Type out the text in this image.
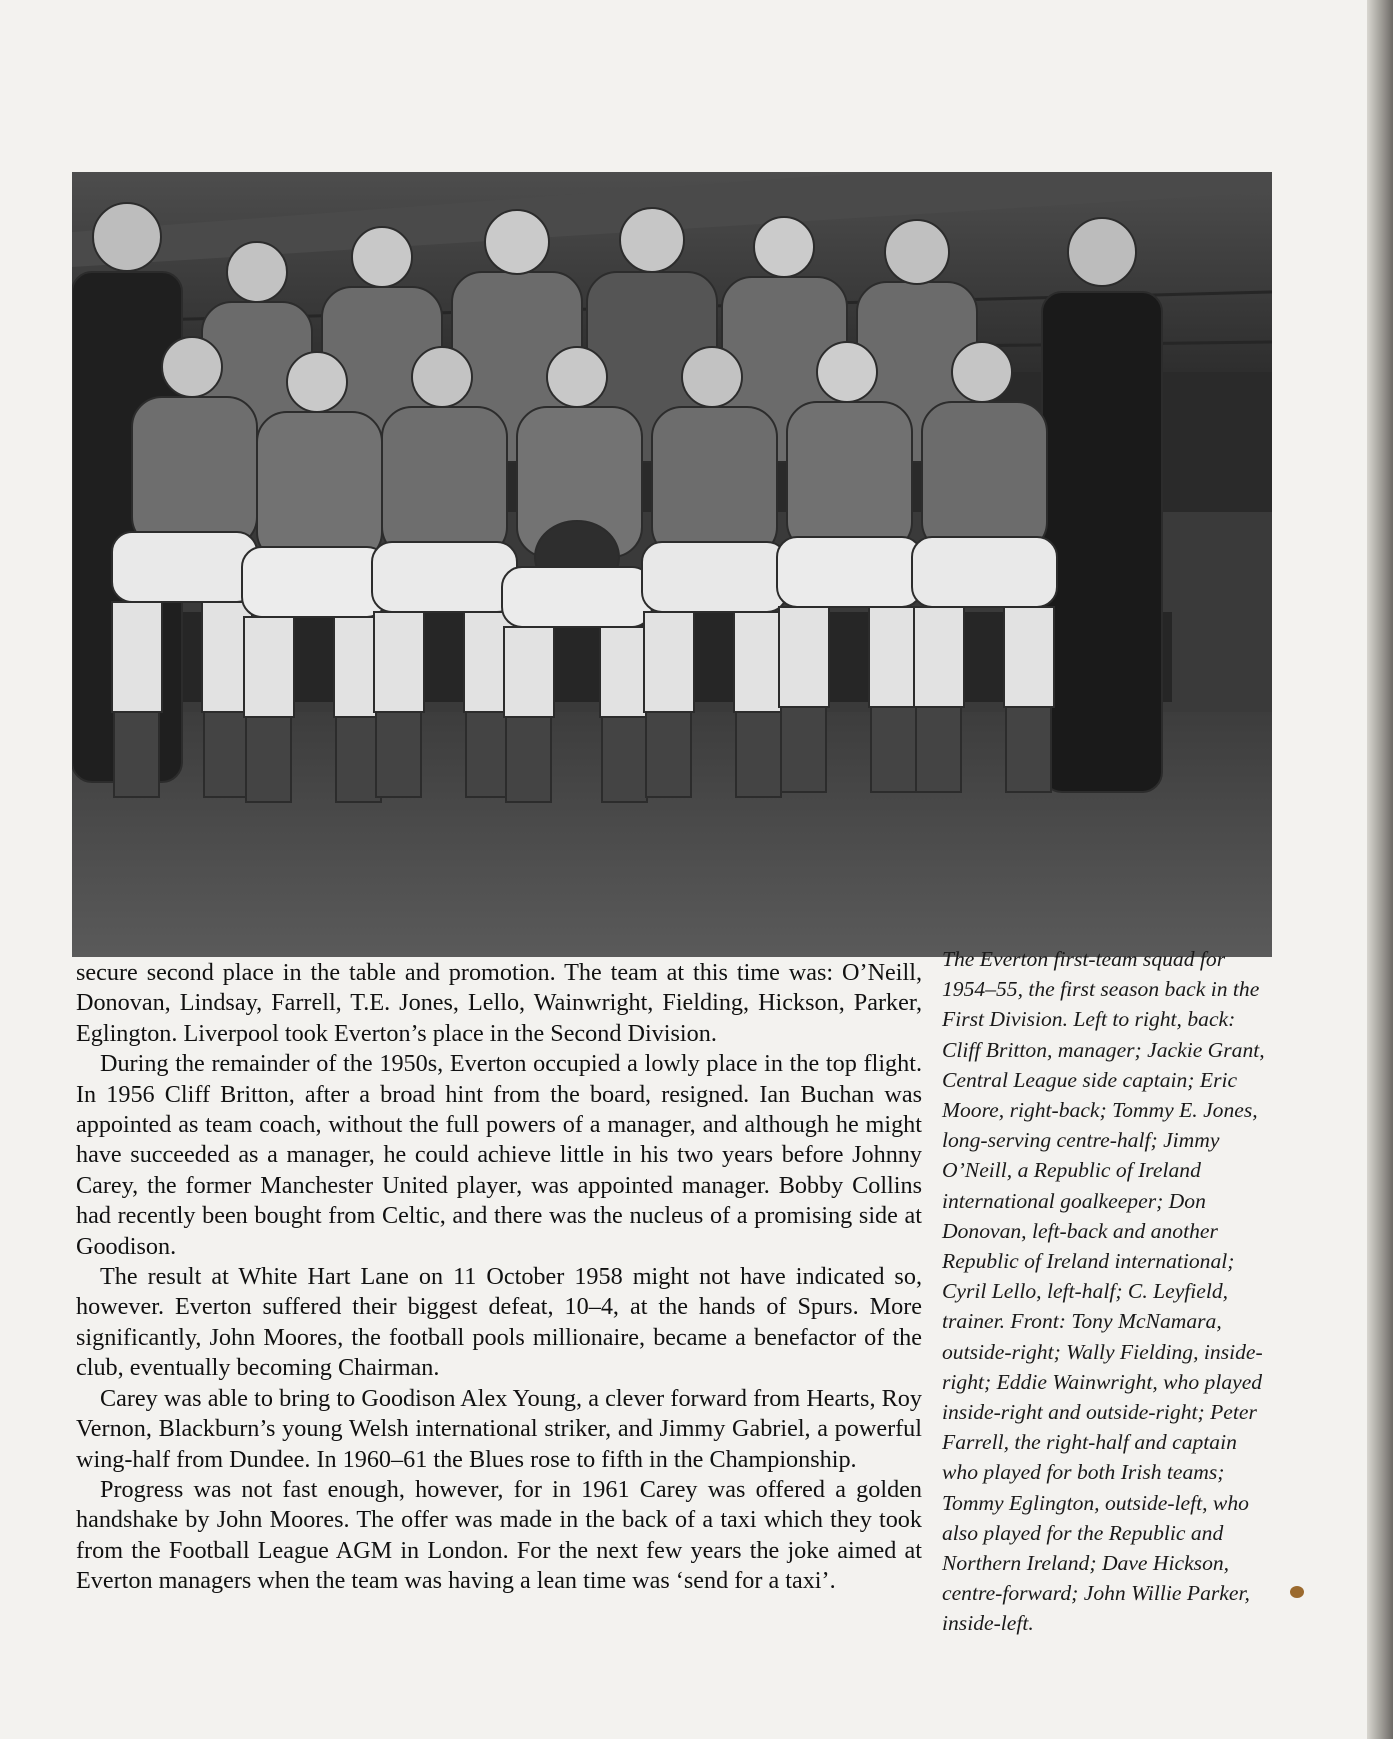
secure second place in the table and promotion. The team at this time was: O’Neill, Donovan, Lindsay, Farrell, T.E. Jones, Lello, Wainwright, Fielding, Hickson, Parker, Eglington. Liverpool took Everton’s place in the Second Division.

During the remainder of the 1950s, Everton occupied a lowly place in the top flight. In 1956 Cliff Britton, after a broad hint from the board, resigned. Ian Buchan was appointed as team coach, without the full powers of a manager, and although he might have succeeded as a manager, he could achieve little in his two years before Johnny Carey, the former Manchester United player, was appointed manager. Bobby Collins had recently been bought from Celtic, and there was the nucleus of a promising side at Goodison.

The result at White Hart Lane on 11 October 1958 might not have indicated so, however. Everton suffered their biggest defeat, 10–4, at the hands of Spurs. More significantly, John Moores, the football pools millionaire, became a benefactor of the club, eventually becoming Chairman.

Carey was able to bring to Goodison Alex Young, a clever forward from Hearts, Roy Vernon, Blackburn’s young Welsh international striker, and Jimmy Gabriel, a powerful wing-half from Dundee. In 1960–61 the Blues rose to fifth in the Championship.

Progress was not fast enough, however, for in 1961 Carey was offered a golden handshake by John Moores. The offer was made in the back of a taxi which they took from the Football League AGM in London. For the next few years the joke aimed at Everton managers when the team was having a lean time was ‘send for a taxi’.

The Everton first-team squad for 1954–55, the first season back in the First Division. Left to right, back: Cliff Britton, manager; Jackie Grant, Central League side captain; Eric Moore, right-back; Tommy E. Jones, long-serving centre-half; Jimmy O’Neill, a Republic of Ireland international goalkeeper; Don Donovan, left-back and another Republic of Ireland international; Cyril Lello, left-half; C. Leyfield, trainer. Front: Tony McNamara, outside-right; Wally Fielding, inside-right; Eddie Wainwright, who played inside-right and outside-right; Peter Farrell, the right-half and captain who played for both Irish teams; Tommy Eglington, outside-left, who also played for the Republic and Northern Ireland; Dave Hickson, centre-forward; John Willie Parker, inside-left.
